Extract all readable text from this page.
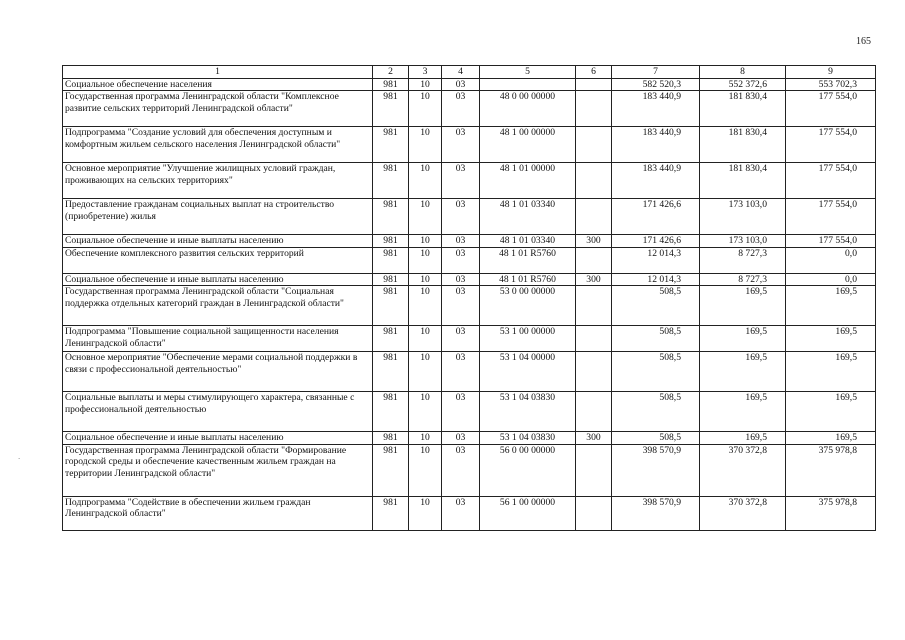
165
1	2	3	4	5	6	7	8	9
Социальное обеспечение населения	981	10	03			582 520,3	552 372,6	553 702,3
Государственная программа Ленинградской области "Комплексное развитие сельских территорий Ленинградской области"	981	10	03	48 0 00 00000		183 440,9	181 830,4	177 554,0
Подпрограмма "Создание условий для обеспечения доступным и комфортным жильем сельского населения Ленинградской области"	981	10	03	48 1 00 00000		183 440,9	181 830,4	177 554,0
Основное мероприятие "Улучшение жилищных условий граждан, проживающих на сельских территориях"	981	10	03	48 1 01 00000		183 440,9	181 830,4	177 554,0
Предоставление гражданам социальных выплат на строительство (приобретение) жилья	981	10	03	48 1 01 03340		171 426,6	173 103,0	177 554,0
Социальное обеспечение и иные выплаты населению	981	10	03	48 1 01 03340	300	171 426,6	173 103,0	177 554,0
Обеспечение комплексного развития сельских территорий	981	10	03	48 1 01 R5760		12 014,3	8 727,3	0,0
Социальное обеспечение и иные выплаты населению	981	10	03	48 1 01 R5760	300	12 014,3	8 727,3	0,0
Государственная программа Ленинградской области "Социальная поддержка отдельных категорий граждан в Ленинградской области"	981	10	03	53 0 00 00000		508,5	169,5	169,5
Подпрограмма "Повышение социальной защищенности населения Ленинградской области"	981	10	03	53 1 00 00000		508,5	169,5	169,5
Основное мероприятие "Обеспечение мерами социальной поддержки в связи с профессиональной деятельностью"	981	10	03	53 1 04 00000		508,5	169,5	169,5
Социальные выплаты и меры стимулирующего характера, связанные с профессиональной деятельностью	981	10	03	53 1 04 03830		508,5	169,5	169,5
Социальное обеспечение и иные выплаты населению	981	10	03	53 1 04 03830	300	508,5	169,5	169,5
Государственная программа Ленинградской области "Формирование городской среды и обеспечение качественным жильем граждан на территории Ленинградской области"	981	10	03	56 0 00 00000		398 570,9	370 372,8	375 978,8
Подпрограмма "Содействие в обеспечении жильем граждан Ленинградской области"	981	10	03	56 1 00 00000		398 570,9	370 372,8	375 978,8
·
